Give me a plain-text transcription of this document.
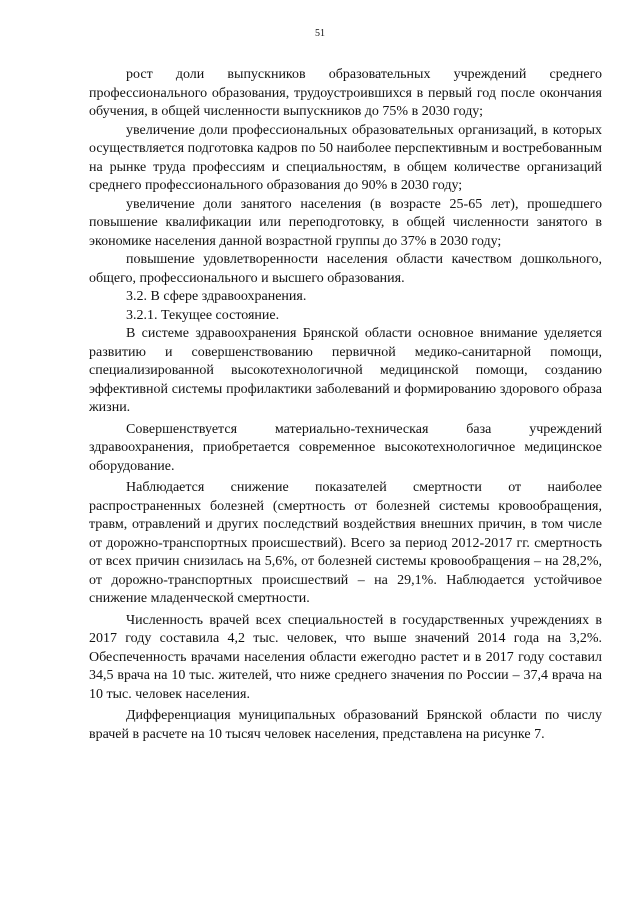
51

рост доли выпускников образовательных учреждений среднего профессионального образования, трудоустроившихся в первый год после окончания обучения, в общей численности выпускников до 75% в 2030 году;

увеличение доли профессиональных образовательных организаций, в которых осуществляется подготовка кадров по 50 наиболее перспективным и востребованным на рынке труда профессиям и специальностям, в общем количестве организаций среднего профессионального образования до 90% в 2030 году;

увеличение доли занятого населения (в возрасте 25-65 лет), прошедшего повышение квалификации или переподготовку, в общей численности занятого в экономике населения данной возрастной группы до 37% в 2030 году;

повышение удовлетворенности населения области качеством дошкольного, общего, профессионального и высшего образования.

3.2. В сфере здравоохранения.

3.2.1. Текущее состояние.

В системе здравоохранения Брянской области основное внимание уделяется развитию и совершенствованию первичной медико-санитарной помощи, специализированной высокотехнологичной медицинской помощи, созданию эффективной системы профилактики заболеваний и формированию здорового образа жизни.

Совершенствуется материально-техническая база учреждений здравоохранения, приобретается современное высокотехнологичное медицинское оборудование.

Наблюдается снижение показателей смертности от наиболее распространенных болезней (смертность от болезней системы кровообращения, травм, отравлений и других последствий воздействия внешних причин, в том числе от дорожно-транспортных происшествий). Всего за период 2012-2017 гг. смертность от всех причин снизилась на 5,6%, от болезней системы кровообращения – на 28,2%, от дорожно-транспортных происшествий – на 29,1%. Наблюдается устойчивое снижение младенческой смертности.

Численность врачей всех специальностей в государственных учреждениях в 2017 году составила 4,2 тыс. человек, что выше значений 2014 года на 3,2%. Обеспеченность врачами населения области ежегодно растет и в 2017 году составил 34,5 врача на 10 тыс. жителей, что ниже среднего значения по России – 37,4 врача на 10 тыс. человек населения.

Дифференциация муниципальных образований Брянской области по числу врачей в расчете на 10 тысяч человек населения, представлена на рисунке 7.
